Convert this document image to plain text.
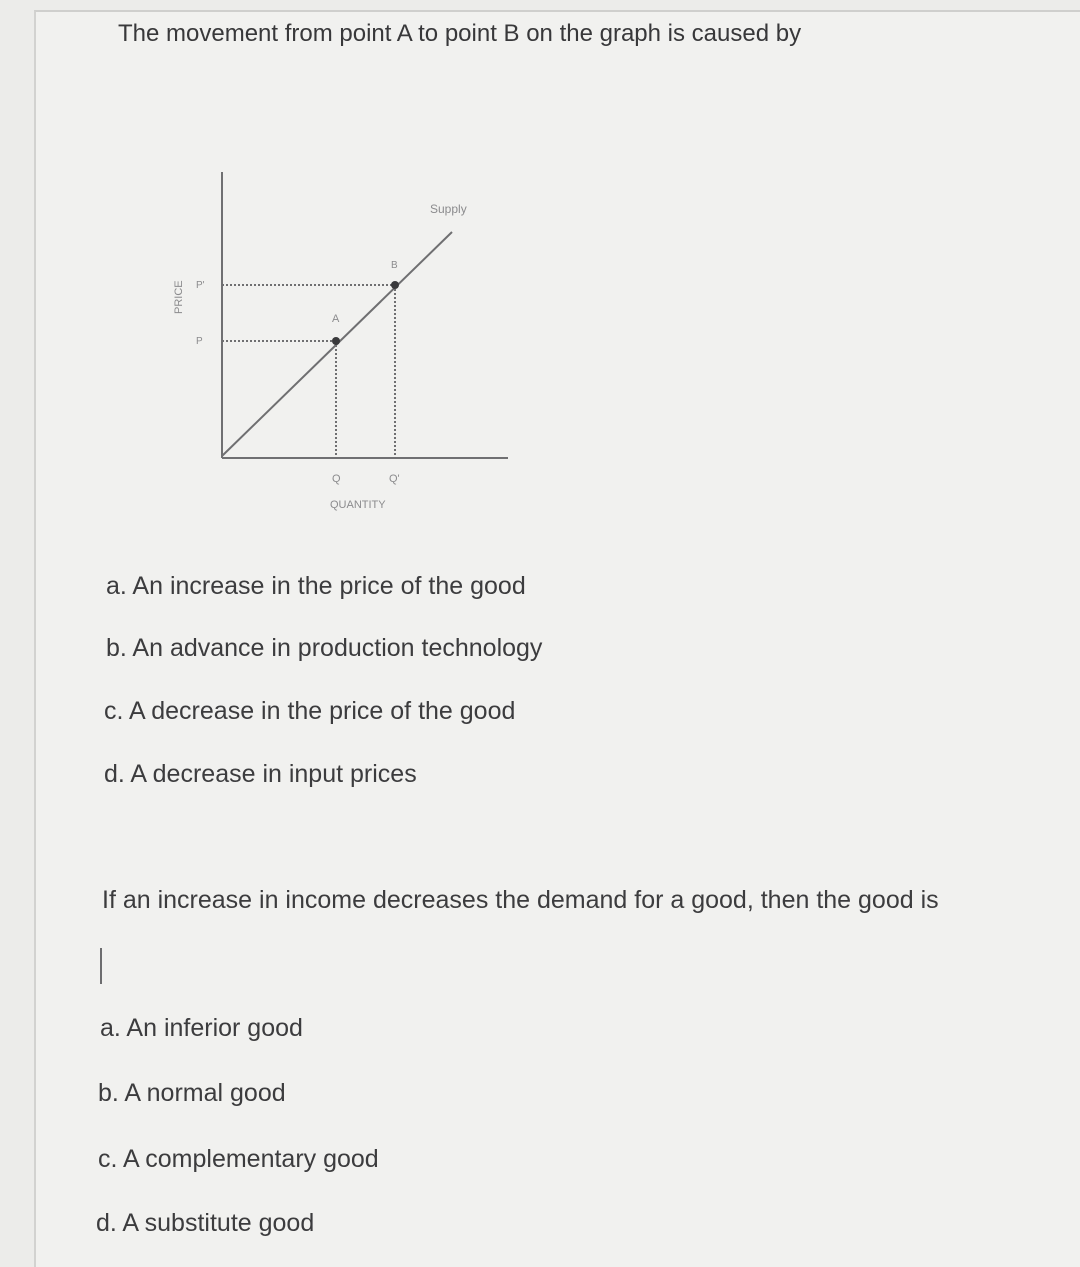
The movement from point A to point B on the graph is caused by
A
B
Supply
P'
P
Q	Q'
QUANTITY
PRICE
a. An increase in the price of the good
b. An advance in production technology
c. A decrease in the price of the good
d. A decrease in input prices
If an increase in income decreases the demand for a good, then the good is
a. An inferior good
b. A normal good
c. A complementary good
d. A substitute good
